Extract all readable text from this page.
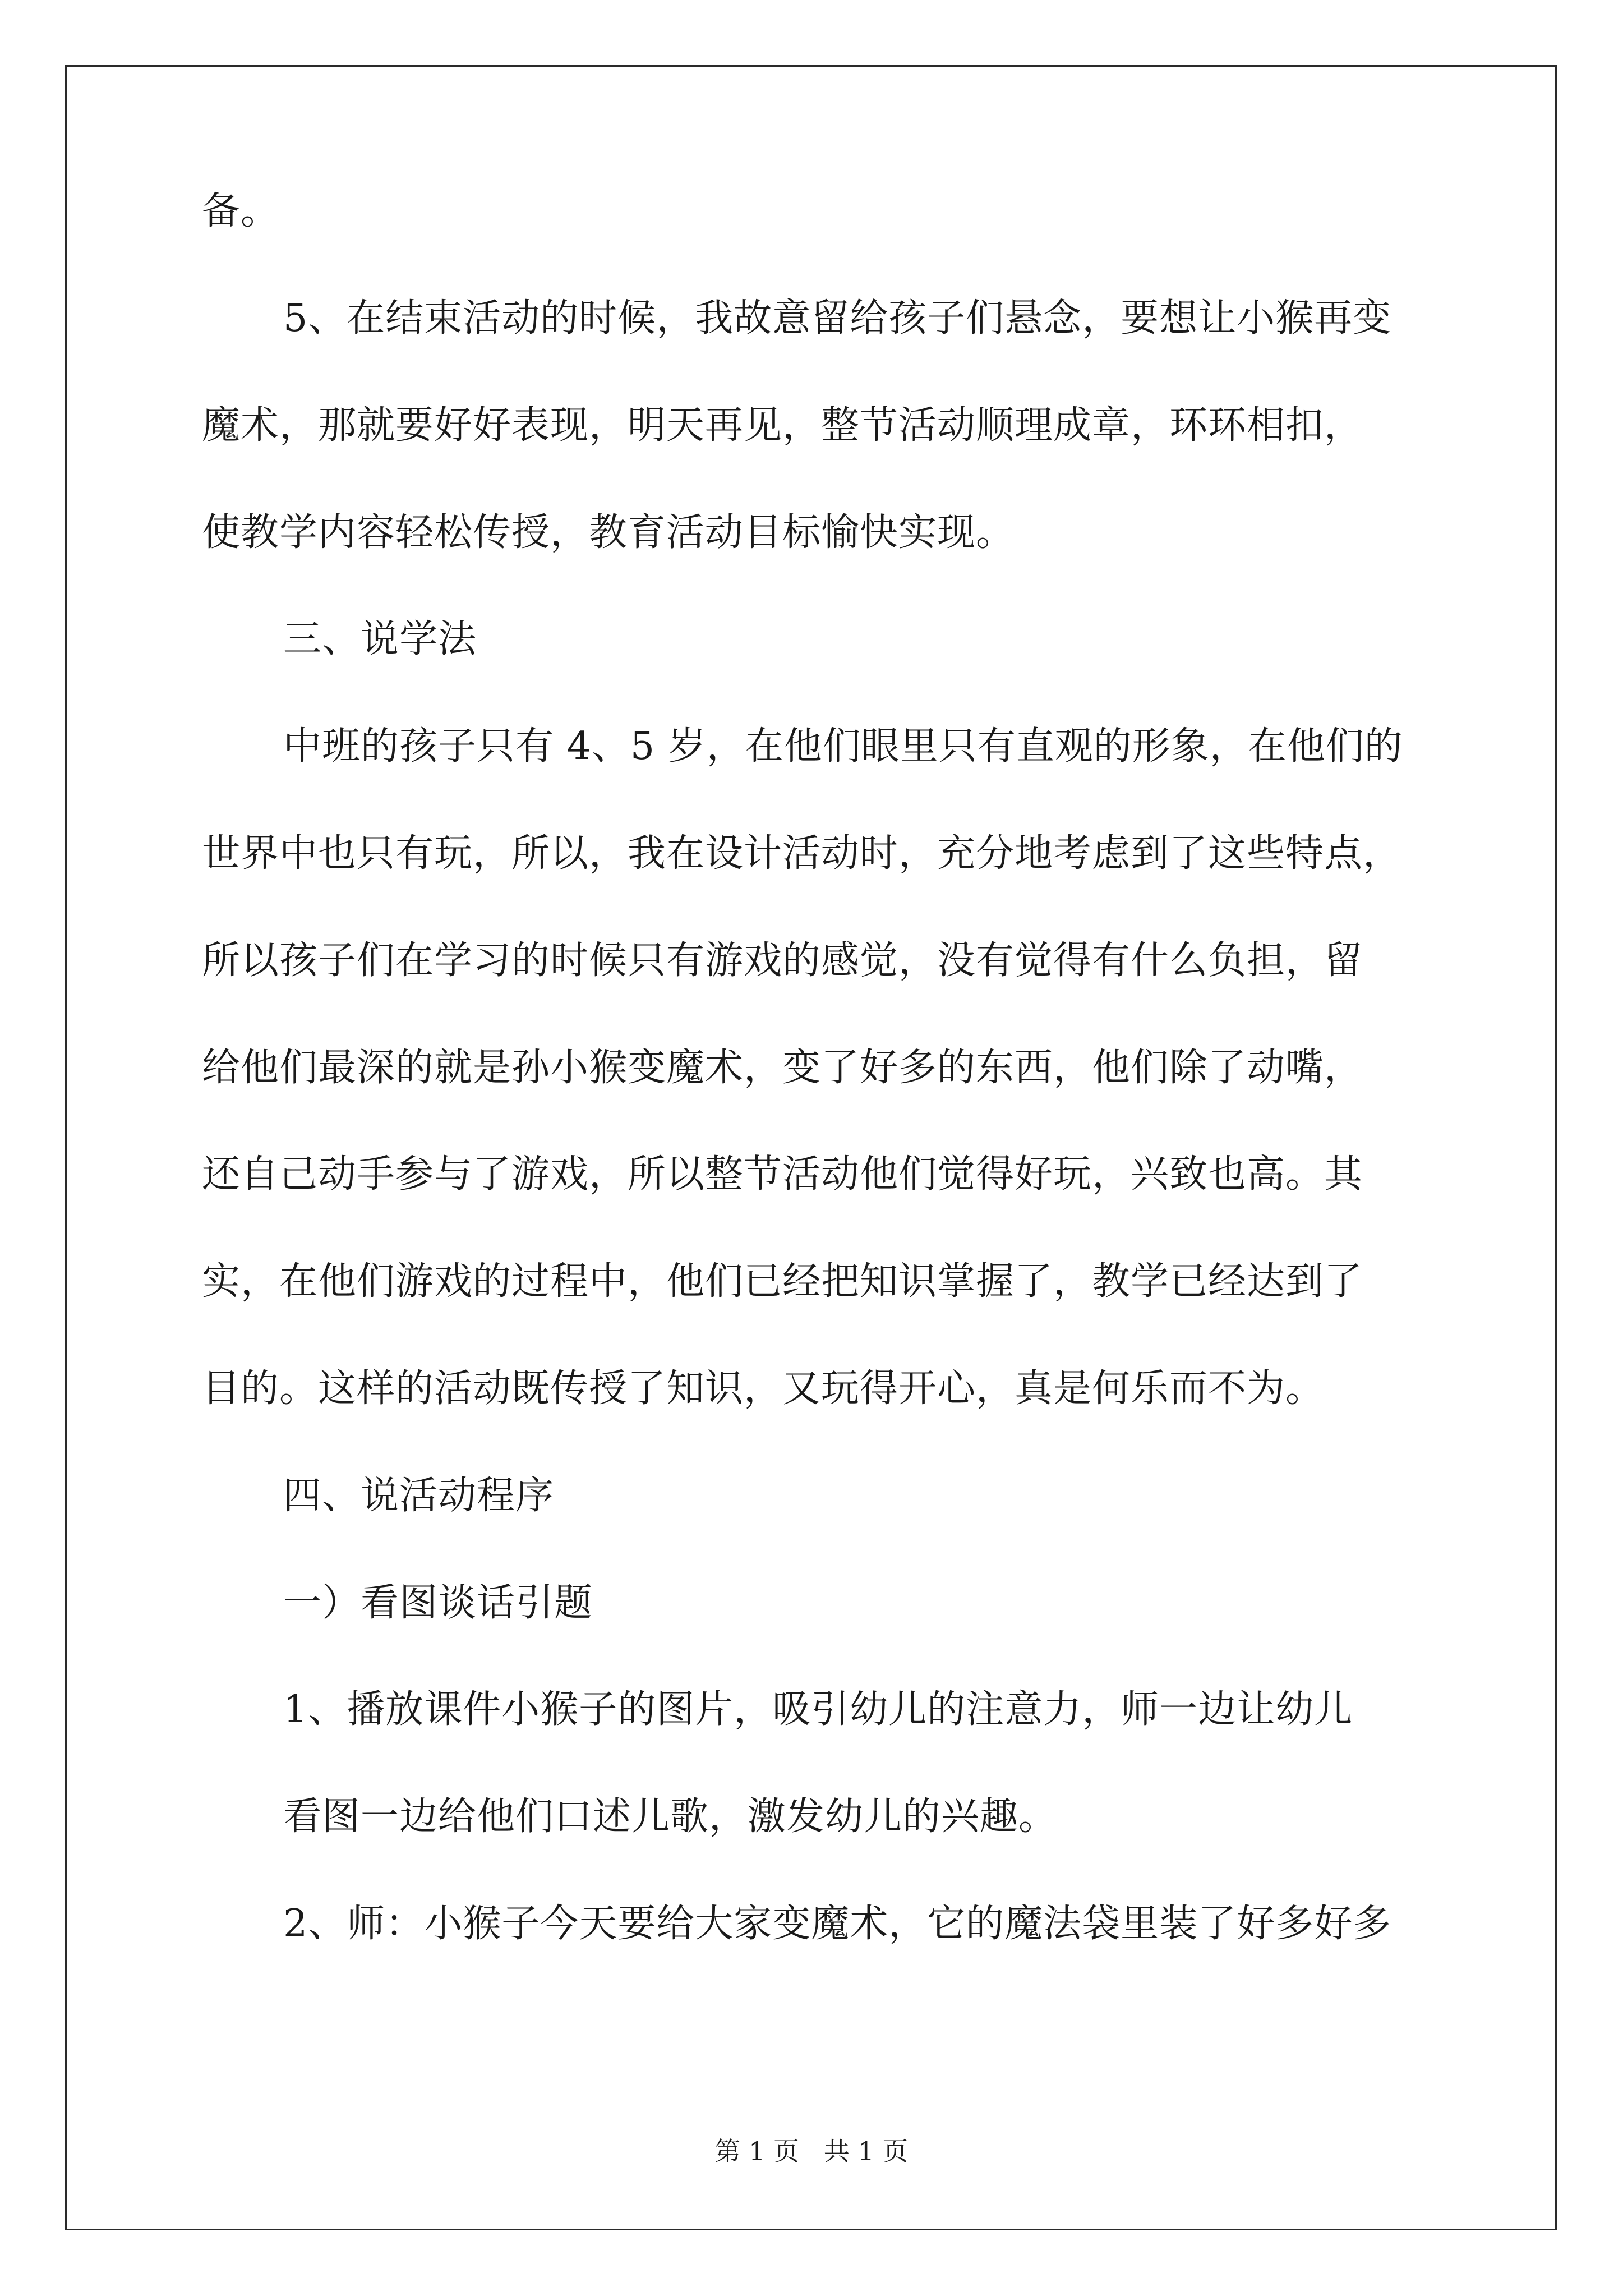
备。
5、在结束活动的时候，我故意留给孩子们悬念，要想让小猴再变
魔术，那就要好好表现，明天再见，整节活动顺理成章，环环相扣，
使教学内容轻松传授，教育活动目标愉快实现。
三、说学法
中班的孩子只有 4、5 岁，在他们眼里只有直观的形象，在他们的
世界中也只有玩，所以，我在设计活动时，充分地考虑到了这些特点，
所以孩子们在学习的时候只有游戏的感觉，没有觉得有什么负担，留
给他们最深的就是孙小猴变魔术，变了好多的东西，他们除了动嘴，
还自己动手参与了游戏，所以整节活动他们觉得好玩，兴致也高。其
实，在他们游戏的过程中，他们已经把知识掌握了，教学已经达到了
目的。这样的活动既传授了知识，又玩得开心，真是何乐而不为。
四、说活动程序
一）看图谈话引题
1、播放课件小猴子的图片，吸引幼儿的注意力，师一边让幼儿
看图一边给他们口述儿歌，激发幼儿的兴趣。
2、师：小猴子今天要给大家变魔术，它的魔法袋里装了好多好多
第 1 页   共 1 页
